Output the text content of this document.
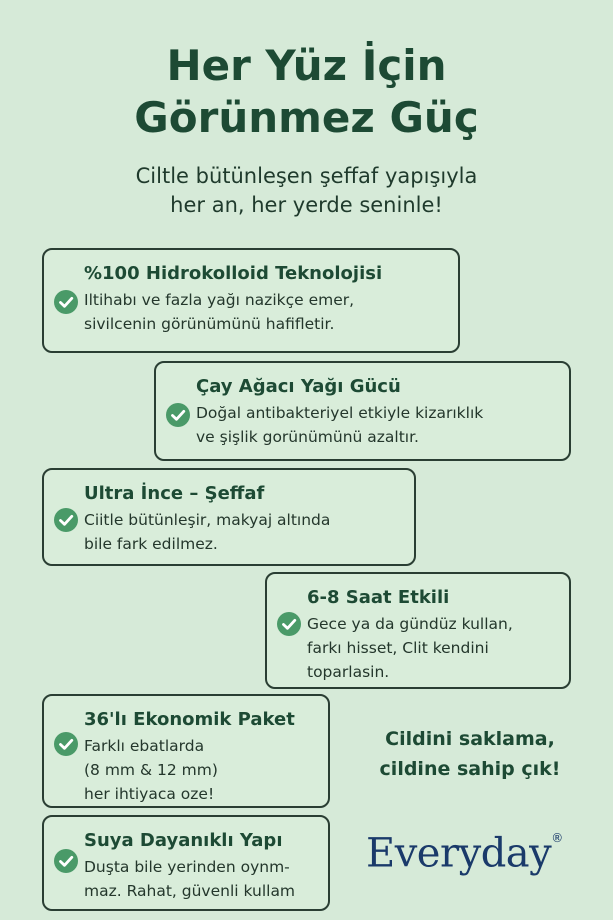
Her Yüz İçin
Görünmez Güç
Ciltle bütünleşen şeffaf yapışıyla
her an, her yerde seninle!
%100 Hidrokolloid Teknolojisi
Iltihabı ve fazla yağı nazikçe emer,
sivilcenin görünümünü hafifletir.
Çay Ağacı Yağı Gücü
Doğal antibakteriyel etkiyle kizarıklık
ve şişlik gorünümünü azaltır.
Ultra İnce – Şeffaf
Ciitle bütünleşir, makyaj altında
bile fark edilmez.
6-8 Saat Etkili
Gece ya da gündüz kullan,
farkı hisset, Clit kendini
toparlasin.
36'lı Ekonomik Paket
Farklı ebatlarda
(8 mm & 12 mm)
her ihtiyaca oze!
Suya Dayanıklı Yapı
Duşta bile yerinden oynm-
maz. Rahat, güvenli kullam
Cildini saklama,
cildine sahip çık!
Everyday®
